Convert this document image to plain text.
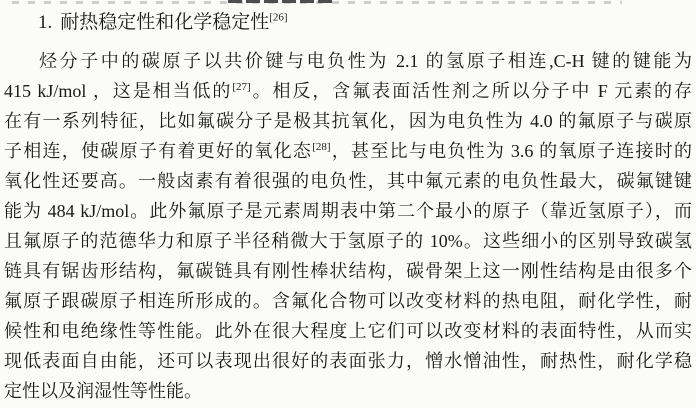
1. 耐热稳定性和化学稳定性[26]
烃分子中的碳原子以共价键与电负性为 2.1 的氢原子相连,C-H 键的键能为
415 kJ/mol ，这是相当低的[27]。相反，含氟表面活性剂之所以分子中 F 元素的存
在有一系列特征，比如氟碳分子是极其抗氧化，因为电负性为 4.0 的氟原子与碳原
子相连，使碳原子有着更好的氧化态[28]，甚至比与电负性为 3.6 的氧原子连接时的
氧化性还要高。一般卤素有着很强的电负性，其中氟元素的电负性最大，碳氟键键
能为 484 kJ/mol。此外氟原子是元素周期表中第二个最小的原子（靠近氢原子），而
且氟原子的范德华力和原子半径稍微大于氢原子的 10%。这些细小的区别导致碳氢
链具有锯齿形结构，氟碳链具有刚性棒状结构，碳骨架上这一刚性结构是由很多个
氟原子跟碳原子相连所形成的。含氟化合物可以改变材料的热电阻，耐化学性，耐
候性和电绝缘性等性能。此外在很大程度上它们可以改变材料的表面特性，从而实
现低表面自由能，还可以表现出很好的表面张力，憎水憎油性，耐热性，耐化学稳
定性以及润湿性等性能。
